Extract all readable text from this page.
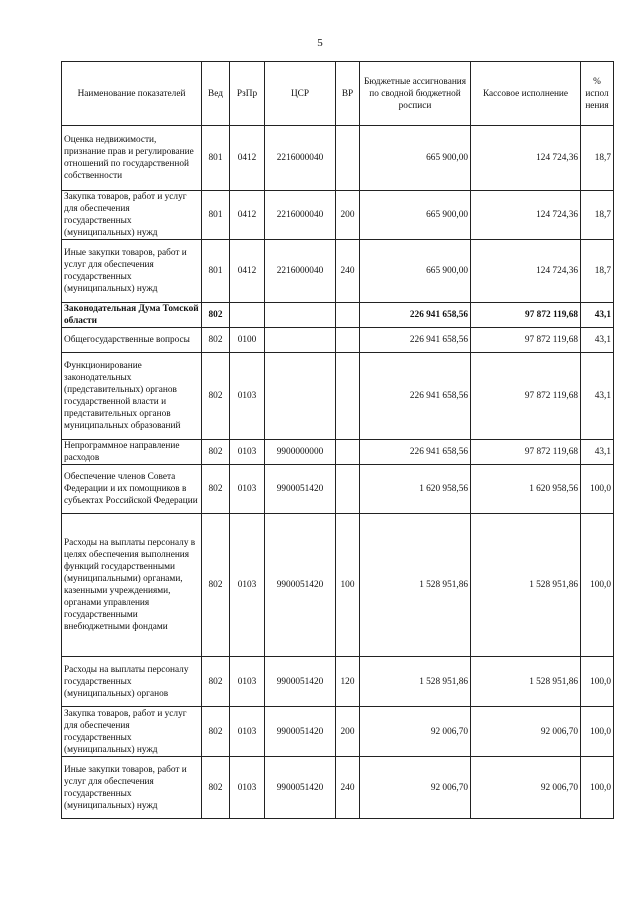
5
Наименование показателей	Вед	РзПр	ЦСР	ВР	Бюджетные ассигнования по сводной бюджетной росписи	Кассовое исполнение	% испол нения
Оценка недвижимости, признание прав и регулирование отношений по государственной собственности	801	0412	2216000040		665 900,00	124 724,36	18,7
Закупка товаров, работ и услуг для обеспечения государственных (муниципальных) нужд	801	0412	2216000040	200	665 900,00	124 724,36	18,7
Иные закупки товаров, работ и услуг для обеспечения государственных (муниципальных) нужд	801	0412	2216000040	240	665 900,00	124 724,36	18,7
Законодательная Дума Томской области	802				226 941 658,56	97 872 119,68	43,1
Общегосударственные вопросы	802	0100			226 941 658,56	97 872 119,68	43,1
Функционирование законодательных (представительных) органов государственной власти и представительных органов муниципальных образований	802	0103			226 941 658,56	97 872 119,68	43,1
Непрограммное направление расходов	802	0103	9900000000		226 941 658,56	97 872 119,68	43,1
Обеспечение членов Совета Федерации и их помощников в субъектах Российской Федерации	802	0103	9900051420		1 620 958,56	1 620 958,56	100,0
Расходы на выплаты персоналу в целях обеспечения выполнения функций государственными (муниципальными) органами, казенными учреждениями, органами управления государственными внебюджетными фондами	802	0103	9900051420	100	1 528 951,86	1 528 951,86	100,0
Расходы на выплаты персоналу государственных (муниципальных) органов	802	0103	9900051420	120	1 528 951,86	1 528 951,86	100,0
Закупка товаров, работ и услуг для обеспечения государственных (муниципальных) нужд	802	0103	9900051420	200	92 006,70	92 006,70	100,0
Иные закупки товаров, работ и услуг для обеспечения государственных (муниципальных) нужд	802	0103	9900051420	240	92 006,70	92 006,70	100,0
